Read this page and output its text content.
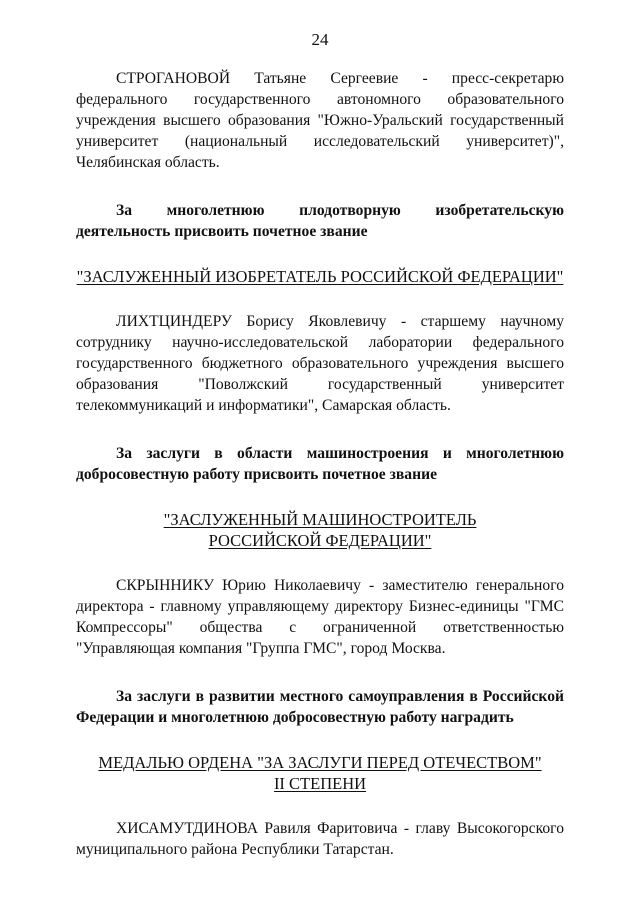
24

СТРОГАНОВОЙ Татьяне Сергеевие - пресс-секретарю федерального государственного автономного образовательного учреждения высшего образования "Южно-Уральский государственный университет (национальный исследовательский университет)", Челябинская область.

За многолетнюю плодотворную изобретательскую деятельность присвоить почетное звание

"ЗАСЛУЖЕННЫЙ ИЗОБРЕТАТЕЛЬ РОССИЙСКОЙ ФЕДЕРАЦИИ"

ЛИХТЦИНДЕРУ Борису Яковлевичу - старшему научному сотруднику научно-исследовательской лаборатории федерального государственного бюджетного образовательного учреждения высшего образования "Поволжский государственный университет телекоммуникаций и информатики", Самарская область.

За заслуги в области машиностроения и многолетнюю добросовестную работу присвоить почетное звание

"ЗАСЛУЖЕННЫЙ МАШИНОСТРОИТЕЛЬ
РОССИЙСКОЙ ФЕДЕРАЦИИ"

СКРЫННИКУ Юрию Николаевичу - заместителю генерального директора - главному управляющему директору Бизнес-единицы "ГМС Компрессоры" общества с ограниченной ответственностью "Управляющая компания "Группа ГМС", город Москва.

За заслуги в развитии местного самоуправления в Российской Федерации и многолетнюю добросовестную работу наградить

МЕДАЛЬЮ ОРДЕНА "ЗА ЗАСЛУГИ ПЕРЕД ОТЕЧЕСТВОМ"
II СТЕПЕНИ

ХИСАМУТДИНОВА Равиля Фаритовича - главу Высокогорского муниципального района Республики Татарстан.
